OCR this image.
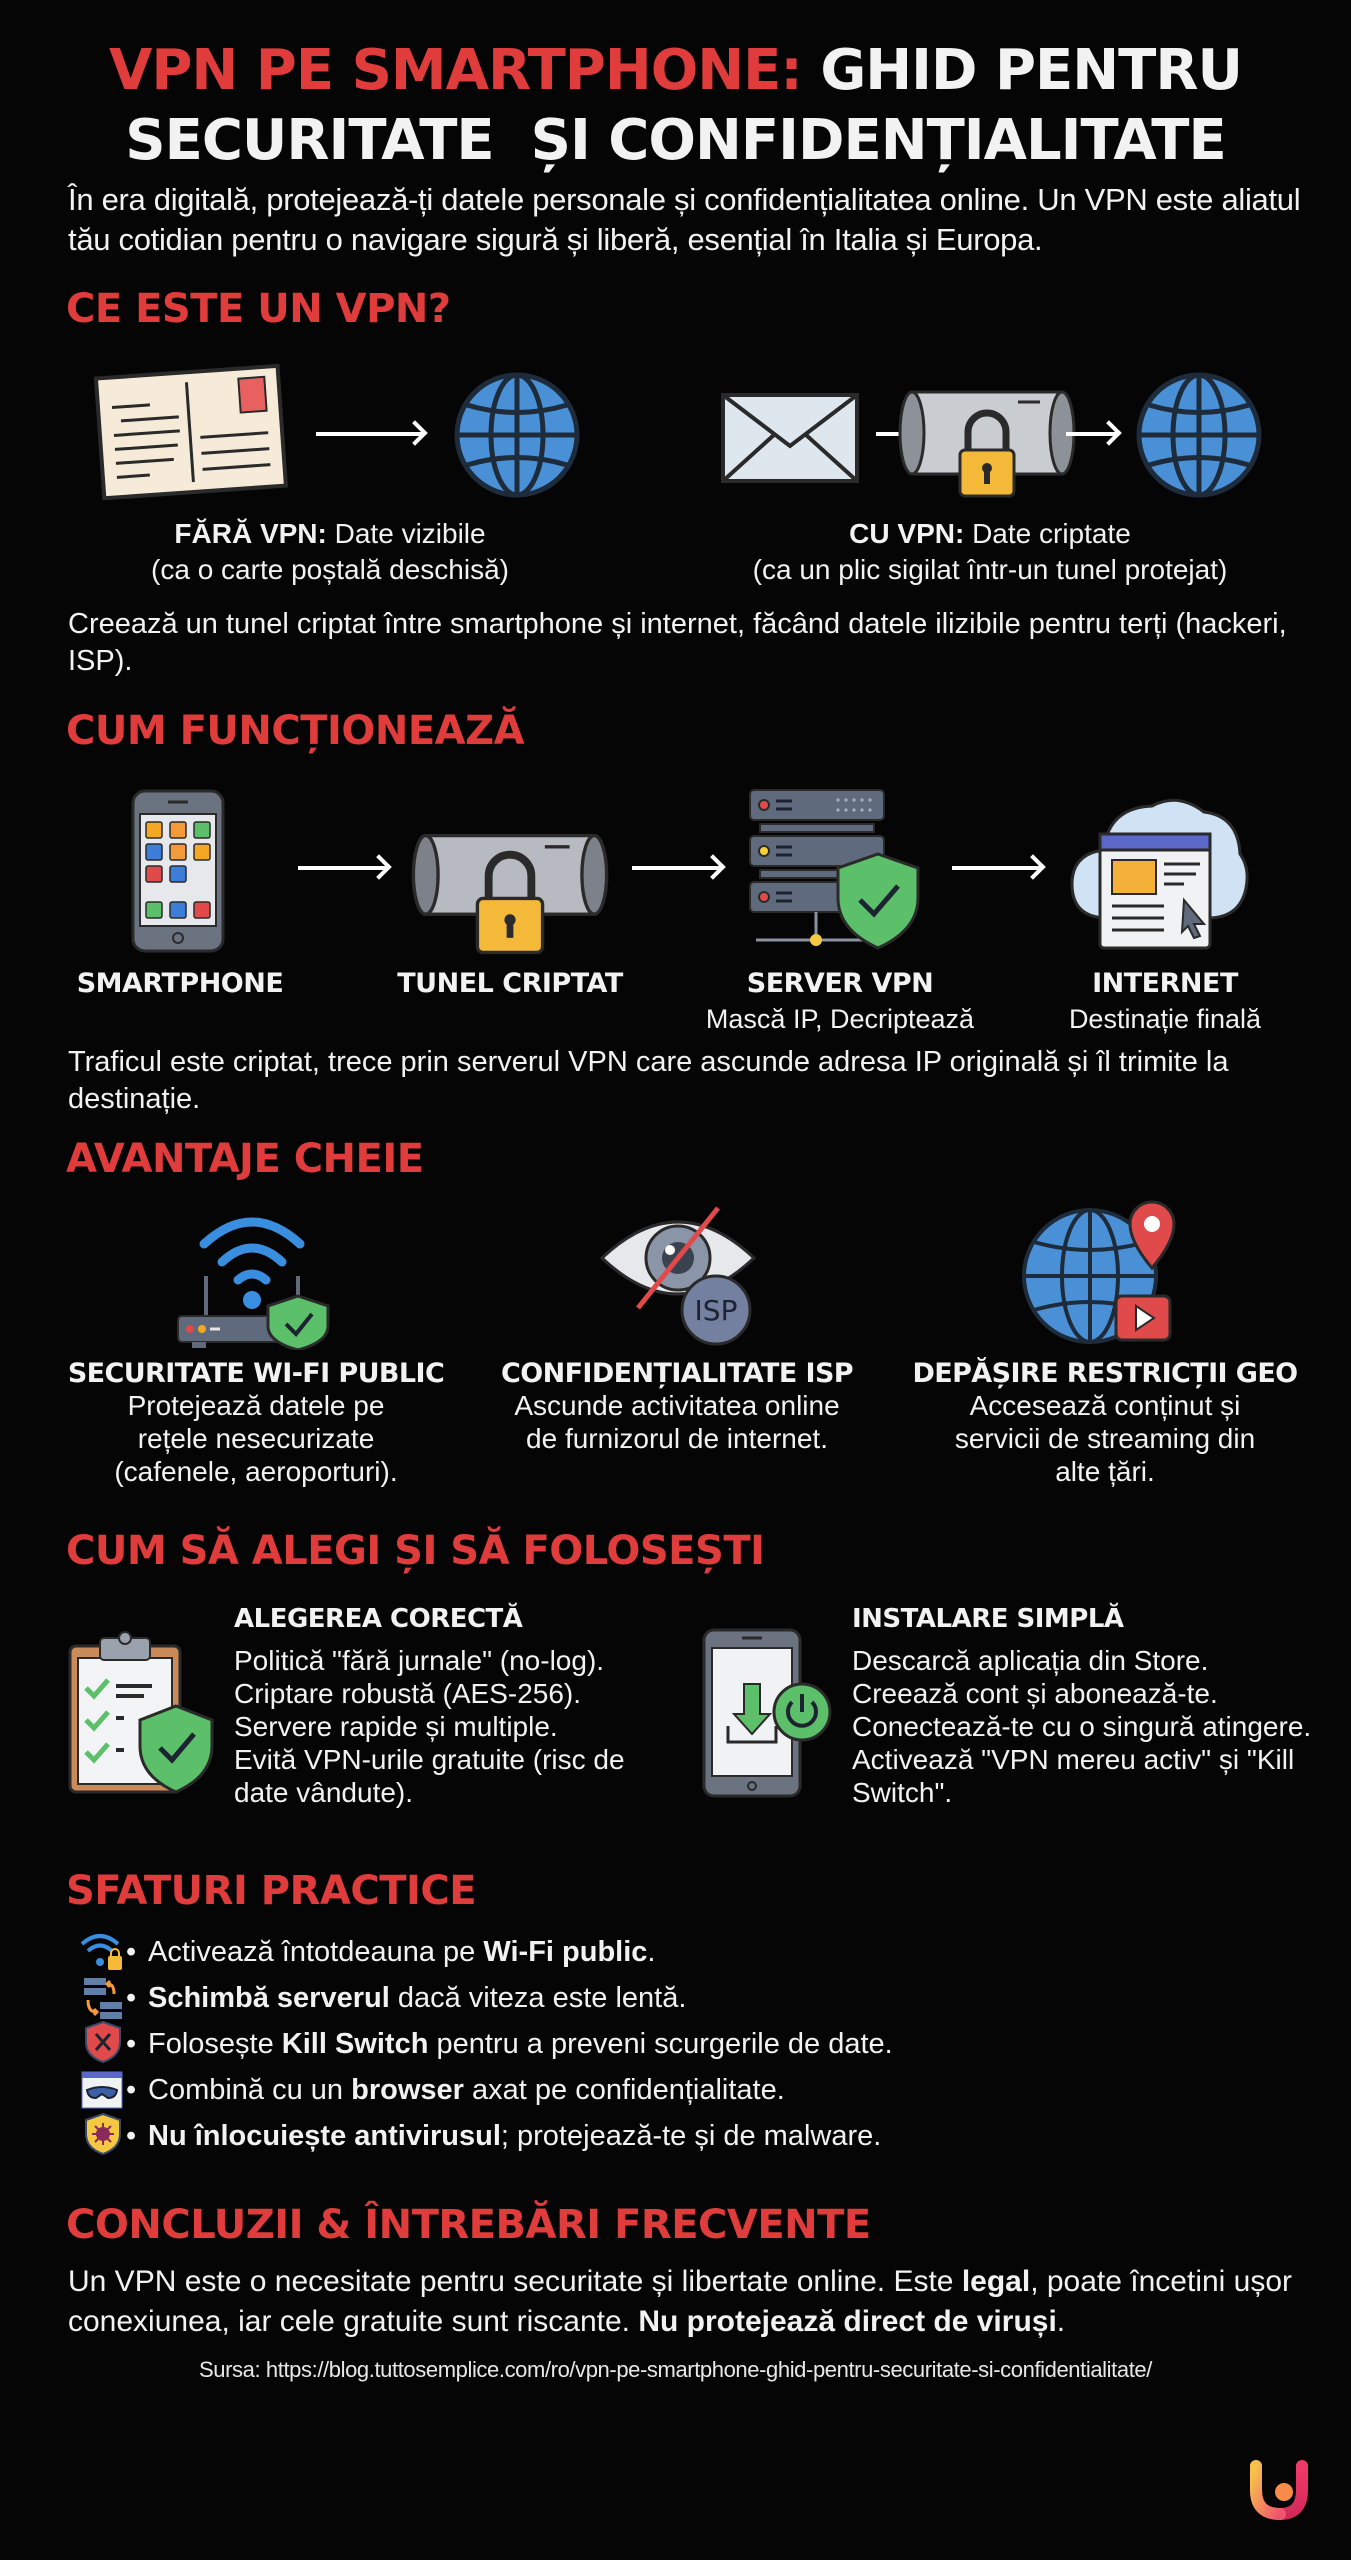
VPN PE SMARTPHONE: GHID PENTRU
SECURITATE  ȘI CONFIDENȚIALITATE
În era digitală, protejează-ți datele personale și confidențialitatea online. Un VPN este aliatul tău cotidian pentru o navigare sigură și liberă, esențial în Italia și Europa.
CE ESTE UN VPN?
FĂRĂ VPN: Date vizibile
(ca o carte poștală deschisă)
CU VPN: Date criptate
(ca un plic sigilat într-un tunel protejat)
Creează un tunel criptat între smartphone și internet, făcând datele ilizibile pentru terți (hackeri, ISP).
CUM FUNCȚIONEAZĂ
SMARTPHONE	TUNEL CRIPTAT	SERVER VPN
Mască IP, Decriptează
INTERNET
Destinație finală
Traficul este criptat, trece prin serverul VPN care ascunde adresa IP originală și îl trimite la destinație.
AVANTAJE CHEIE
ISP
SECURITATE WI-FI PUBLIC
Protejează datele pe rețele nesecurizate (cafenele, aeroporturi).
CONFIDENȚIALITATE ISP
Ascunde activitatea online de furnizorul de internet.
DEPĂȘIRE RESTRICȚII GEO
Accesează conținut și servicii de streaming din alte țări.
CUM SĂ ALEGI ȘI SĂ FOLOSEȘTI
ALEGEREA CORECTĂ
Politică "fără jurnale" (no-log).
Criptare robustă (AES-256).
Servere rapide și multiple.
Evită VPN-urile gratuite (risc de date vândute).
INSTALARE SIMPLĂ
Descarcă aplicația din Store.
Creează cont și abonează-te.
Conectează-te cu o singură atingere.
Activează "VPN mereu activ" și "Kill Switch".
SFATURI PRACTICE
• Activează întotdeauna pe Wi-Fi public.
• Schimbă serverul dacă viteza este lentă.
• Folosește Kill Switch pentru a preveni scurgerile de date.
• Combină cu un browser axat pe confidențialitate.
• Nu înlocuiește antivirusul; protejează-te și de malware.
CONCLUZII & ÎNTREBĂRI FRECVENTE
Un VPN este o necesitate pentru securitate și libertate online. Este legal, poate încetini ușor conexiunea, iar cele gratuite sunt riscante. Nu protejează direct de viruși.
Sursa: https://blog.tuttosemplice.com/ro/vpn-pe-smartphone-ghid-pentru-securitate-si-confidentialitate/
